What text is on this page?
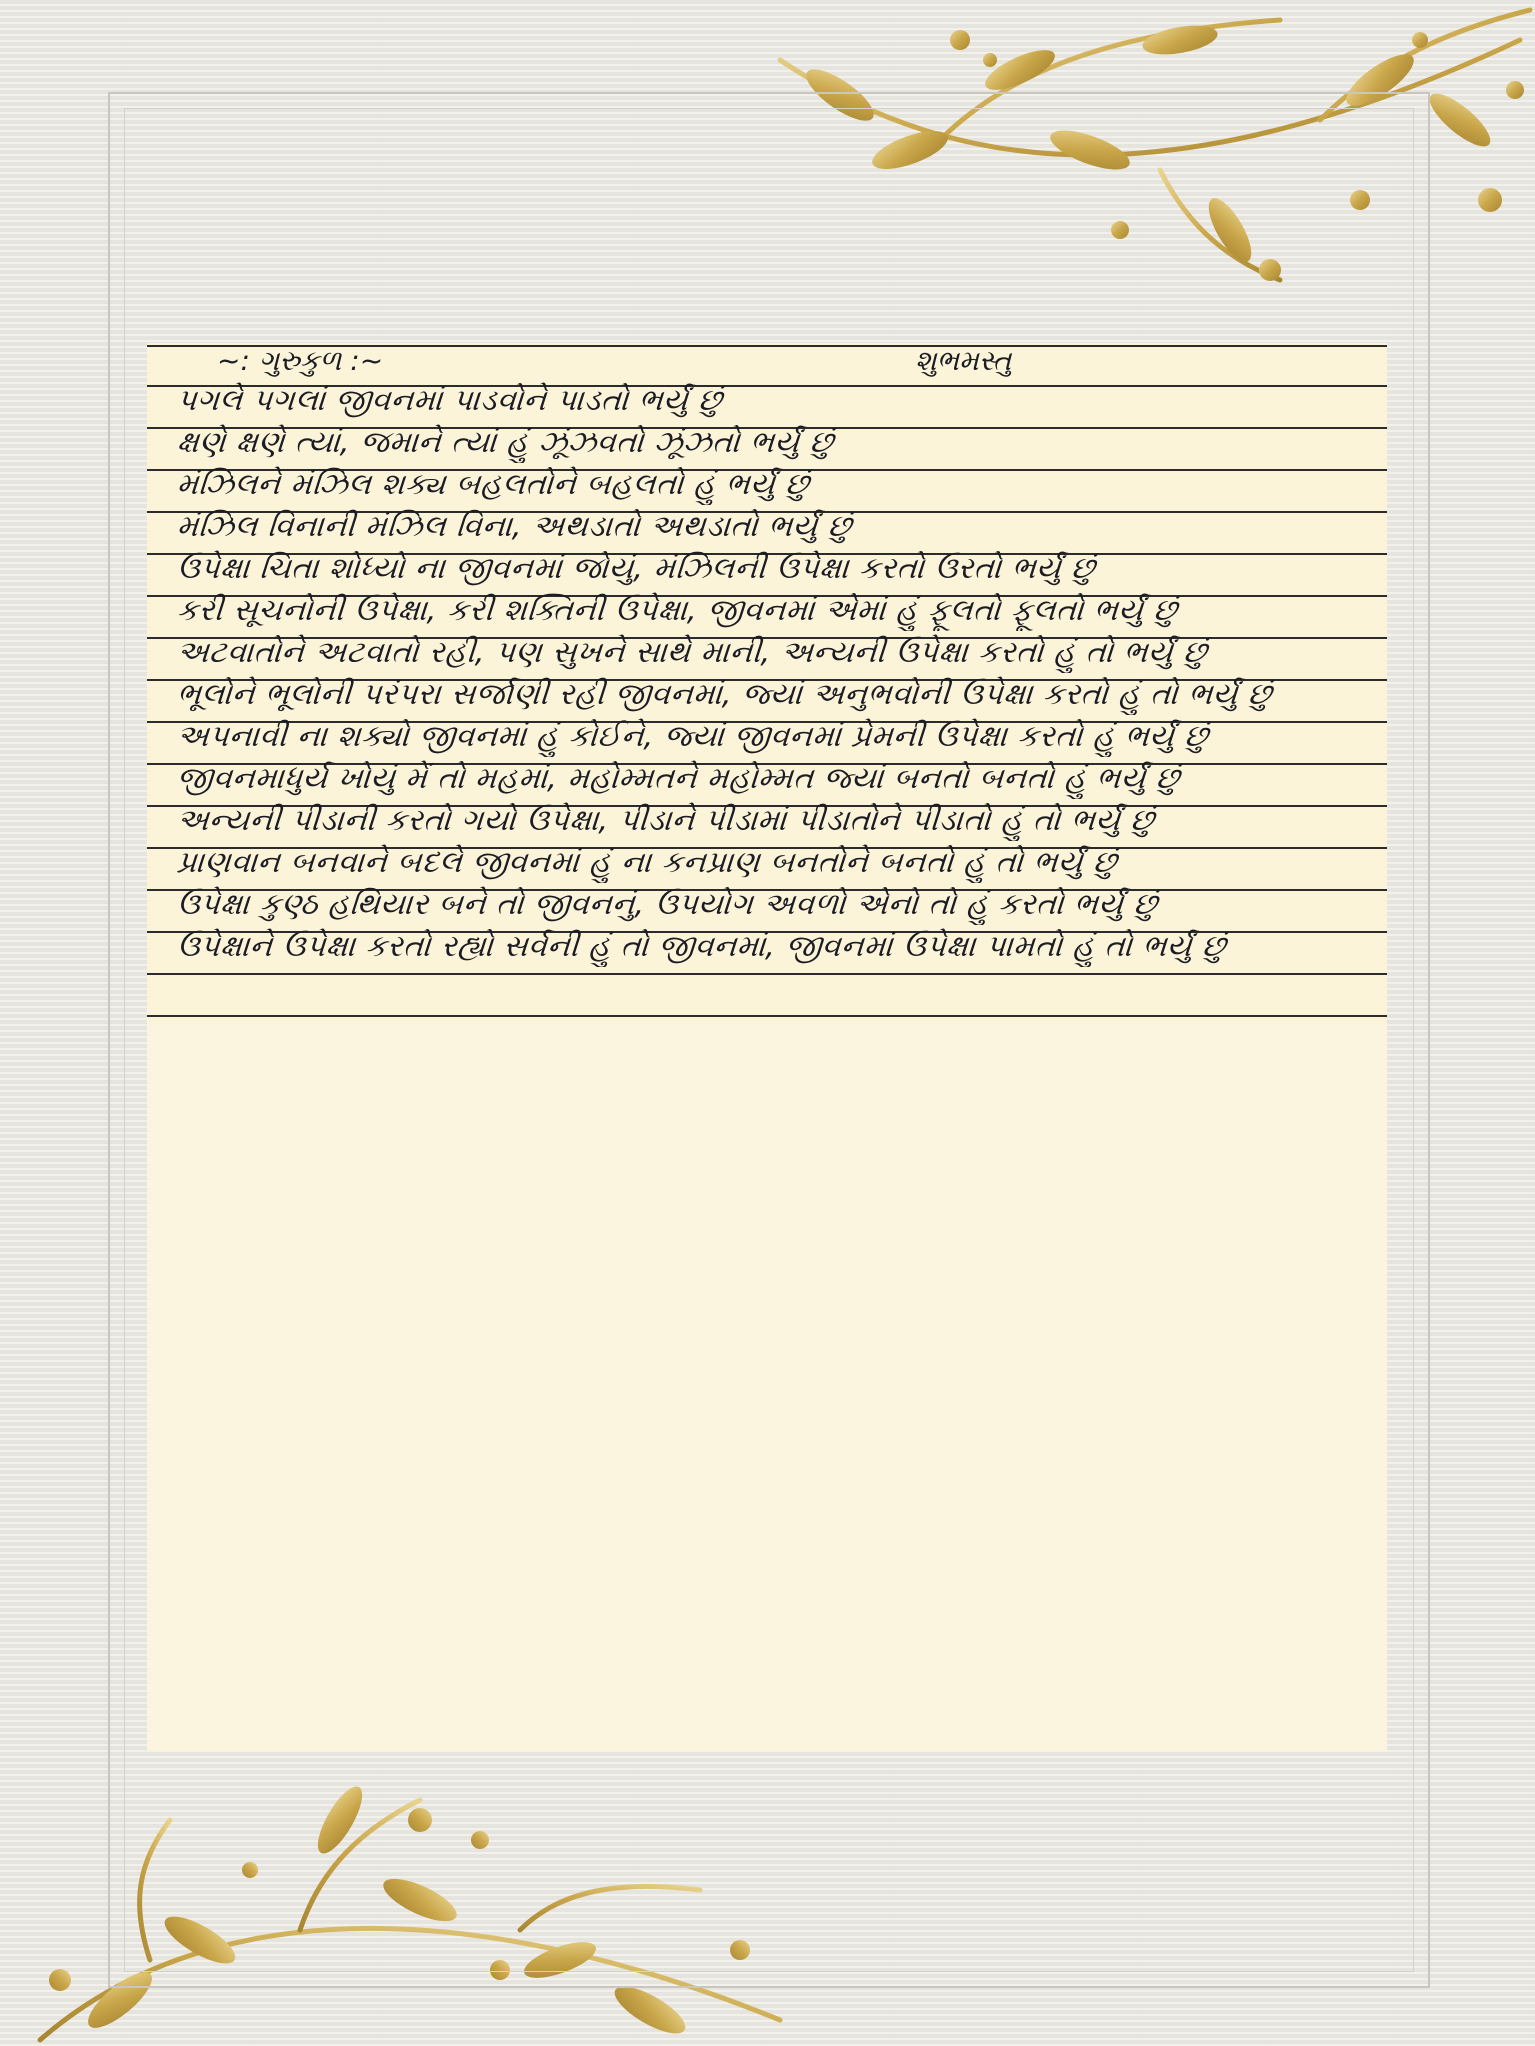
~: ગુરુકુળ :~	શુભમસ્તુ
પગલે પગલાં જીવનમાં પાડવોને પાડતો ભર્યું છું
ક્ષણે ક્ષણે ત્યાં, જમાને ત્યાં હું ઝૂંઝવતો ઝૂંઝતો ભર્યું છું
મંઝિલને મંઝિલ શક્ય બહલતોને બહલતો હું ભર્યું છું
મંઝિલ વિનાની મંઝિલ વિના, અથડાતો અથડાતો ભર્યું છું
ઉપેક્ષા ચિતા શોધ્યો ના જીવનમાં જોયું, મંઝિલની ઉપેક્ષા કરતો ઉરતો ભર્યું છું
કરી સૂચનોની ઉપેક્ષા, કરી શક્તિની ઉપેક્ષા, જીવનમાં એમાં હું ફૂલતો ફૂલતો ભર્યું છું
અટવાતોને અટવાતો રહી, પણ સુખને સાથે માની, અન્યની ઉપેક્ષા કરતો હું તો ભર્યું છું
ભૂલોને ભૂલોની પરંપરા સર્જાણી રહી જીવનમાં, જ્યાં અનુભવોની ઉપેક્ષા કરતો હું તો ભર્યું છું
અપનાવી ના શક્યો જીવનમાં હું કોઈને, જ્યાં જીવનમાં પ્રેમની ઉપેક્ષા કરતો હું ભર્યું છું
જીવનમાધુર્ય ખોયું મેં તો મહમાં, મહોમ્મતને મહોમ્મત જ્યાં બનતો બનતો હું ભર્યું છું
અન્યની પીડાની કરતો ગયો ઉપેક્ષા, પીડાને પીડામાં પીડાતોને પીડાતો હું તો ભર્યું છું
પ્રાણવાન બનવાને બદલે જીવનમાં હું ના કનપ્રાણ બનતોને બનતો હું તો ભર્યું છું
ઉપેક્ષા કુણ્ઠ હથિયાર બને તો જીવનનું, ઉપયોગ અવળો એનો તો હું કરતો ભર્યું છું
ઉપેક્ષાને ઉપેક્ષા કરતો રહ્યો સર્વની હું તો જીવનમાં, જીવનમાં ઉપેક્ષા પામતો હું તો ભર્યું છું
